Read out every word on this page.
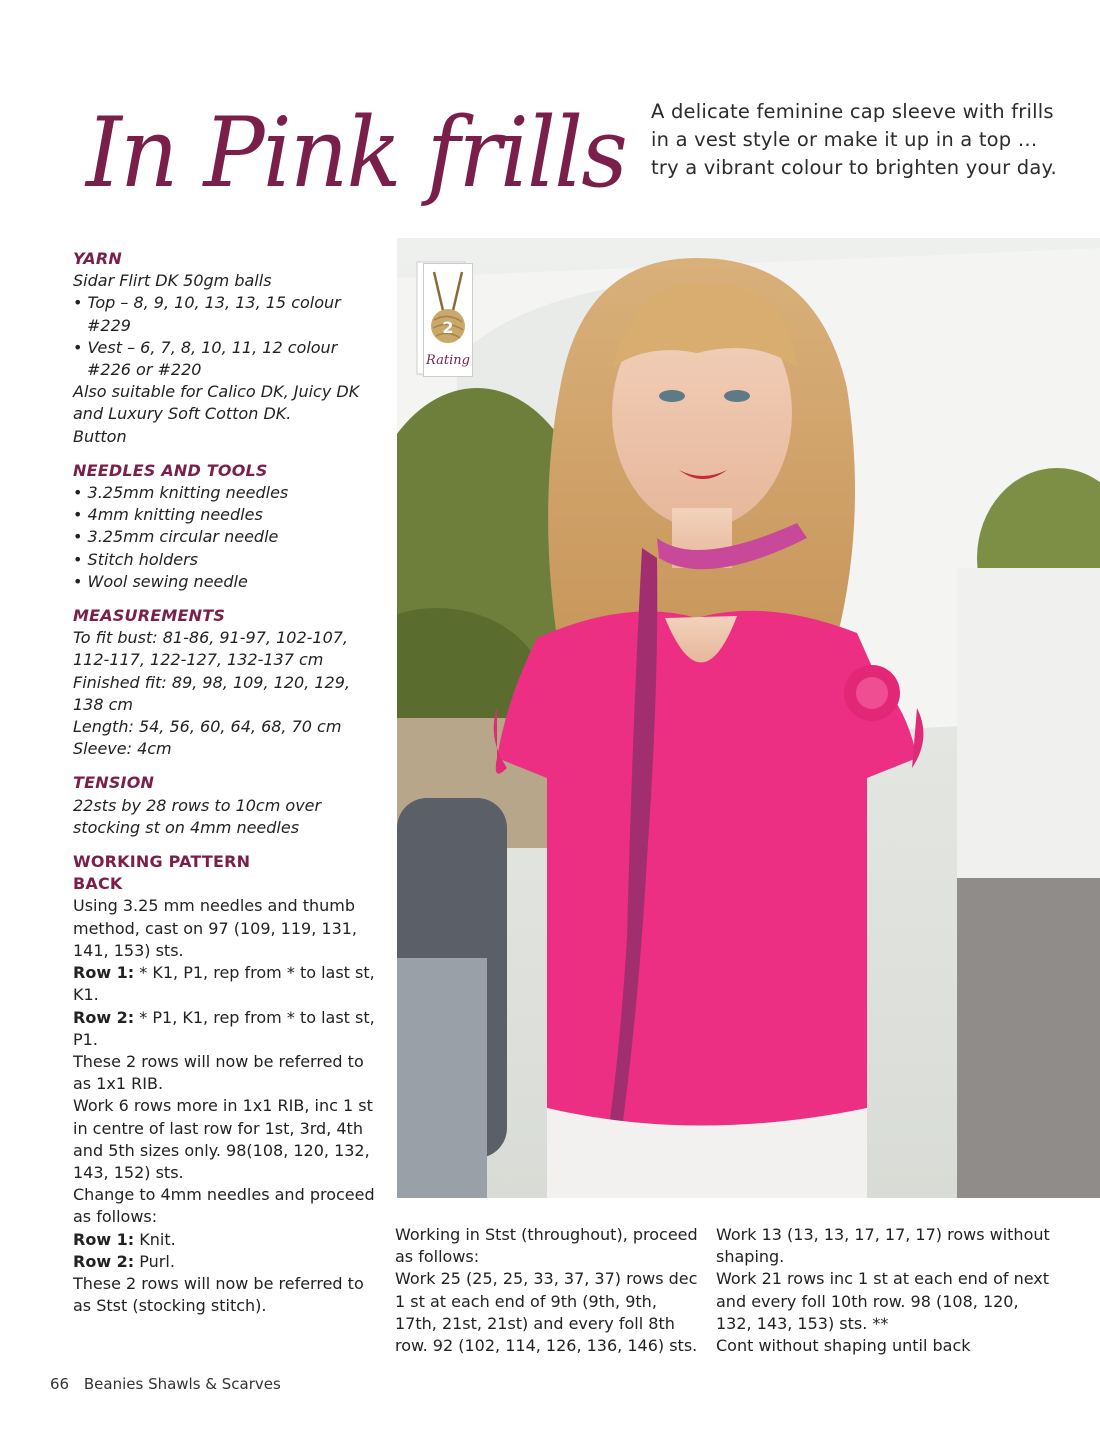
In Pink frills A delicate feminine cap sleeve with frills in a vest style or make it up in a top … try a vibrant colour to brighten your day.
YARN
Sidar Flirt DK 50gm balls
• Top – 8, 9, 10, 13, 13, 15 colour #229
• Vest – 6, 7, 8, 10, 11, 12 colour #226 or #220
Also suitable for Calico DK, Juicy DK and Luxury Soft Cotton DK.
Button
NEEDLES AND TOOLS
• 3.25mm knitting needles
• 4mm knitting needles
• 3.25mm circular needle
• Stitch holders
• Wool sewing needle
MEASUREMENTS
To fit bust: 81-86, 91-97, 102-107, 112-117, 122-127, 132-137 cm
Finished fit: 89, 98, 109, 120, 129, 138 cm
Length: 54, 56, 60, 64, 68, 70 cm
Sleeve: 4cm
TENSION
22sts by 28 rows to 10cm over stocking st on 4mm needles
WORKING PATTERN
BACK
Using 3.25 mm needles and thumb method, cast on 97 (109, 119, 131, 141, 153) sts.
Row 1: * K1, P1, rep from * to last st, K1.
Row 2: * P1, K1, rep from * to last st, P1.
These 2 rows will now be referred to as 1x1 RIB.
Work 6 rows more in 1x1 RIB, inc 1 st in centre of last row for 1st, 3rd, 4th and 5th sizes only. 98(108, 120, 132, 143, 152) sts.
Change to 4mm needles and proceed as follows:
Row 1: Knit.
Row 2: Purl.
These 2 rows will now be referred to as Stst (stocking stitch).
2
Rating
Working in Stst (throughout), proceed as follows:
Work 25 (25, 25, 33, 37, 37) rows dec 1 st at each end of 9th (9th, 9th, 17th, 21st, 21st) and every foll 8th row. 92 (102, 114, 126, 136, 146) sts.
Work 13 (13, 13, 17, 17, 17) rows without shaping.
Work 21 rows inc 1 st at each end of next and every foll 10th row. 98 (108, 120, 132, 143, 153) sts. **
Cont without shaping until back
66 Beanies Shawls & Scarves
